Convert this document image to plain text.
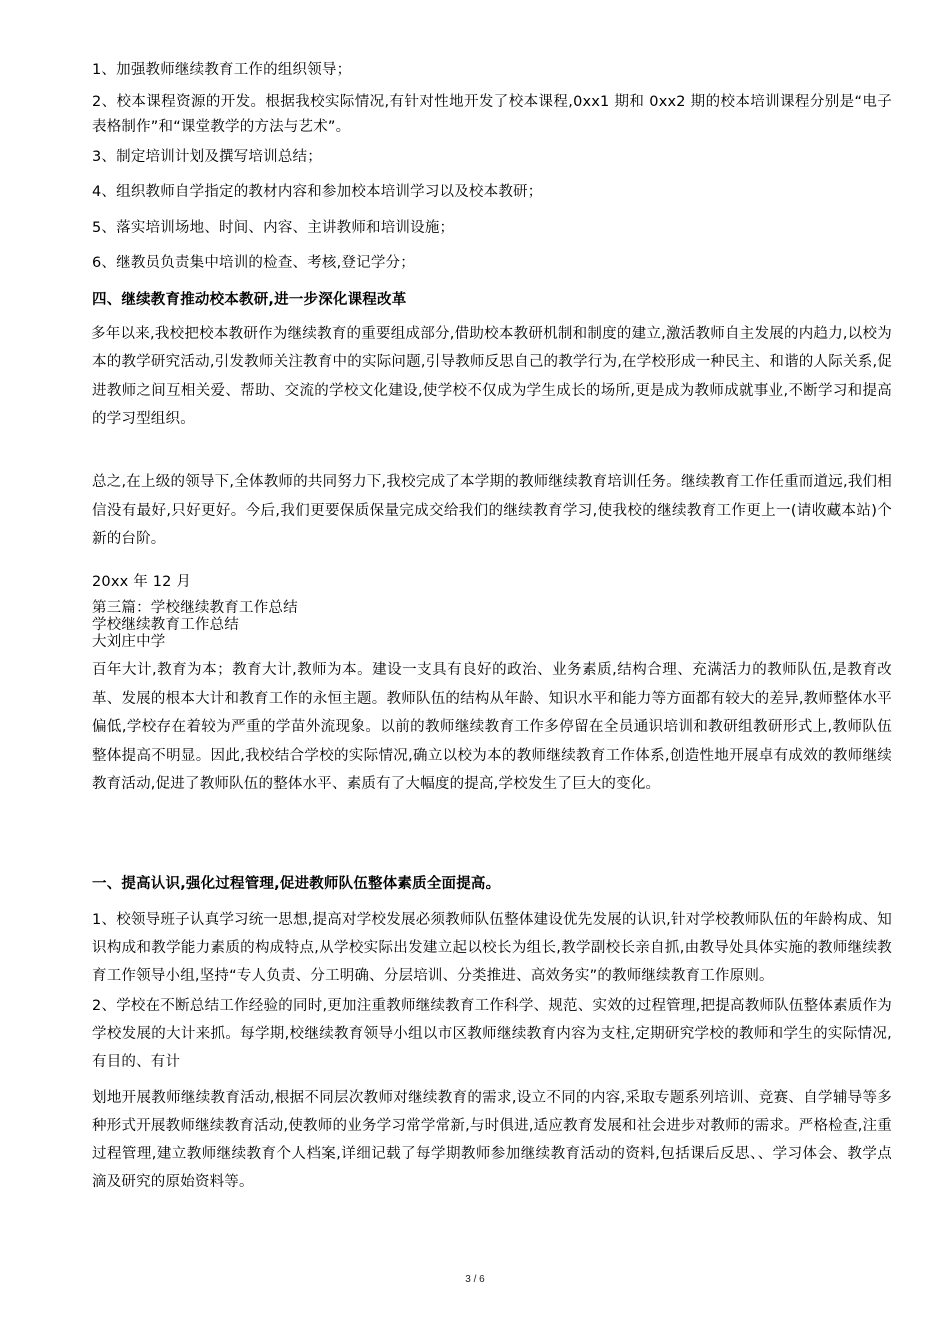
1、加强教师继续教育工作的组织领导；

2、校本课程资源的开发。根据我校实际情况,有针对性地开发了校本课程,0xx1 期和 0xx2 期的校本培训课程分别是“电子表格制作”和“课堂教学的方法与艺术”。

3、制定培训计划及撰写培训总结；

4、组织教师自学指定的教材内容和参加校本培训学习以及校本教研；

5、落实培训场地、时间、内容、主讲教师和培训设施；

6、继教员负责集中培训的检查、考核,登记学分；

四、继续教育推动校本教研,进一步深化课程改革

多年以来,我校把校本教研作为继续教育的重要组成部分,借助校本教研机制和制度的建立,激活教师自主发展的内趋力,以校为本的教学研究活动,引发教师关注教育中的实际问题,引导教师反思自己的教学行为,在学校形成一种民主、和谐的人际关系,促进教师之间互相关爱、帮助、交流的学校文化建设,使学校不仅成为学生成长的场所,更是成为教师成就事业,不断学习和提高的学习型组织。

总之,在上级的领导下,全体教师的共同努力下,我校完成了本学期的教师继续教育培训任务。继续教育工作任重而道远,我们相信没有最好,只好更好。今后,我们更要保质保量完成交给我们的继续教育学习,使我校的继续教育工作更上一(请收藏本站)个新的台阶。

20xx 年 12 月

第三篇：学校继续教育工作总结

学校继续教育工作总结

大刘庄中学

百年大计,教育为本；教育大计,教师为本。建设一支具有良好的政治、业务素质,结构合理、充满活力的教师队伍,是教育改革、发展的根本大计和教育工作的永恒主题。教师队伍的结构从年龄、知识水平和能力等方面都有较大的差异,教师整体水平偏低,学校存在着较为严重的学苗外流现象。以前的教师继续教育工作多停留在全员通识培训和教研组教研形式上,教师队伍整体提高不明显。因此,我校结合学校的实际情况,确立以校为本的教师继续教育工作体系,创造性地开展卓有成效的教师继续教育活动,促进了教师队伍的整体水平、素质有了大幅度的提高,学校发生了巨大的变化。

一、提高认识,强化过程管理,促进教师队伍整体素质全面提高。

1、校领导班子认真学习统一思想,提高对学校发展必须教师队伍整体建设优先发展的认识,针对学校教师队伍的年龄构成、知识构成和教学能力素质的构成特点,从学校实际出发建立起以校长为组长,教学副校长亲自抓,由教导处具体实施的教师继续教育工作领导小组,坚持“专人负责、分工明确、分层培训、分类推进、高效务实”的教师继续教育工作原则。

2、学校在不断总结工作经验的同时,更加注重教师继续教育工作科学、规范、实效的过程管理,把提高教师队伍整体素质作为学校发展的大计来抓。每学期,校继续教育领导小组以市区教师继续教育内容为支柱,定期研究学校的教师和学生的实际情况,有目的、有计

划地开展教师继续教育活动,根据不同层次教师对继续教育的需求,设立不同的内容,采取专题系列培训、竞赛、自学辅导等多种形式开展教师继续教育活动,使教师的业务学习常学常新,与时俱进,适应教育发展和社会进步对教师的需求。严格检查,注重过程管理,建立教师继续教育个人档案,详细记载了每学期教师参加继续教育活动的资料,包括课后反思、、学习体会、教学点滴及研究的原始资料等。

3 / 6
